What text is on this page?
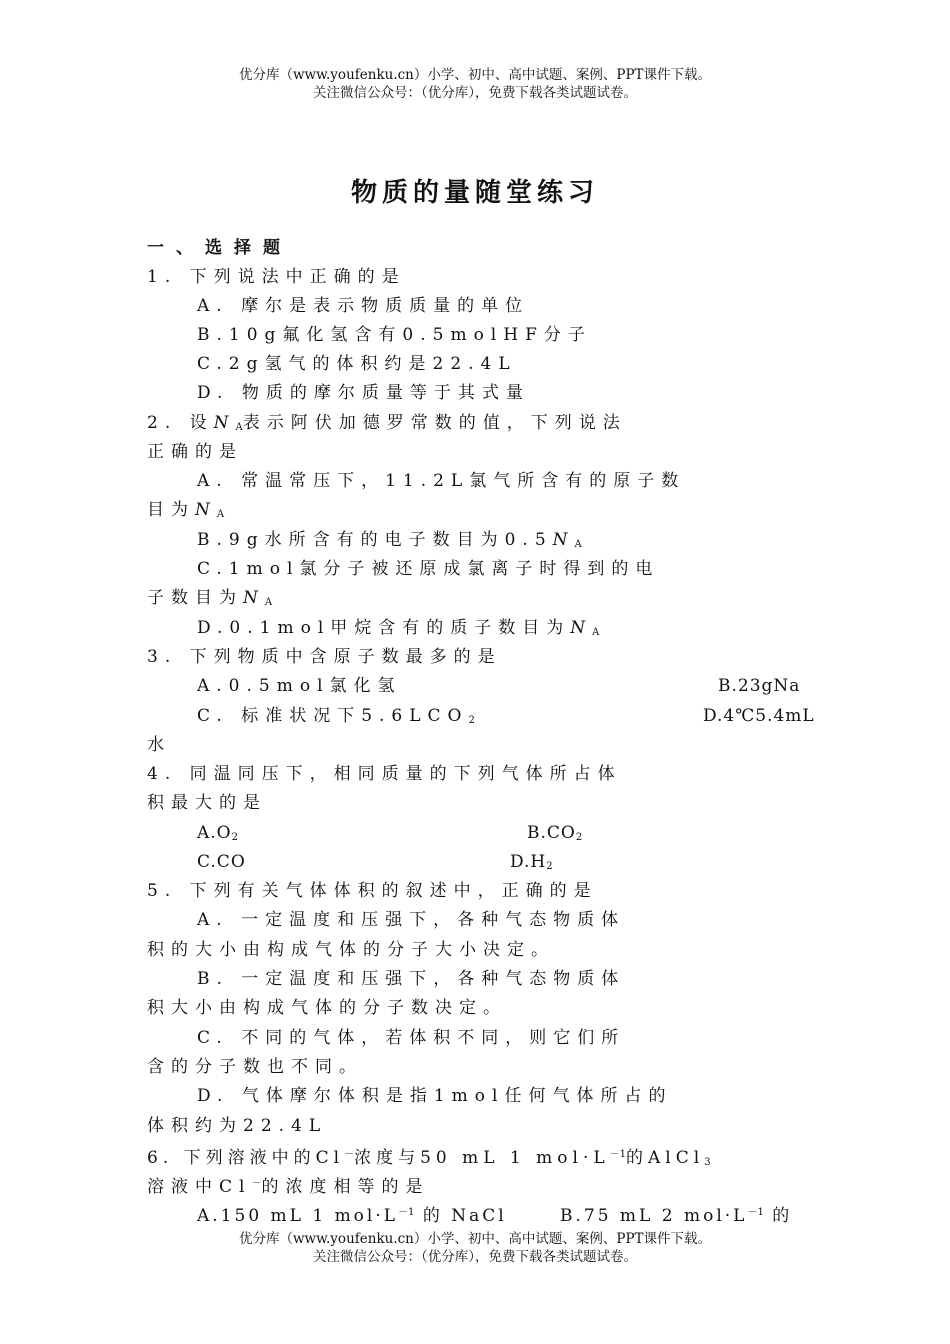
优分库（www.youfenku.cn）小学、初中、高中试题、案例、PPT课件下载。
关注微信公众号：（优分库），免费下载各类试题试卷。
物质的量随堂练习
一、选择题
1. 下列说法中正确的是
A. 摩尔是表示物质质量的单位
B.10g氟化氢含有0.5molHF分子
C.2g氢气的体积约是22.4L
D. 物质的摩尔质量等于其式量
2. 设$N_A$表示阿伏加德罗常数的值，下列说法
正确的是
A. 常温常压下，11.2L氯气所含有的原子数
目为$N_A$
B.9g水所含有的电子数目为$0.5N_A$
C.1mol氯分子被还原成氯离子时得到的电
子数目为$N_A$
D.0.1mol甲烷含有的质子数目为$N_A$
3. 下列物质中含原子数最多的是
A.0.5mol氯化氢	B.23gNa
C. 标准状况下$5.6LCO_2$	D.4℃5.4mL
水
4. 同温同压下，相同质量的下列气体所占体
积最大的是
$A.O_2$	$B.CO_2$
C.CO	$D.H_2$
5. 下列有关气体体积的叙述中，正确的是
A. 一定温度和压强下，各种气态物质体
积的大小由构成气体的分子大小决定。
B. 一定温度和压强下，各种气态物质体
积大小由构成气体的分子数决定。
C. 不同的气体，若体积不同，则它们所
含的分子数也不同。
D. 气体摩尔体积是指1mol任何气体所占的
体积约为22.4L
6. 下列溶液中的Cl－浓度与50 mL 1 $mol\cdot L^{-1}$的AlCl$_3$
溶液中Cl－的浓度相等的是
A.150 mL 1 $mol\cdot L^{-1}$ 的 NaCl	B.75 mL 2 $mol\cdot L^{-1}$ 的
优分库（www.youfenku.cn）小学、初中、高中试题、案例、PPT课件下载。
关注微信公众号：（优分库），免费下载各类试题试卷。
